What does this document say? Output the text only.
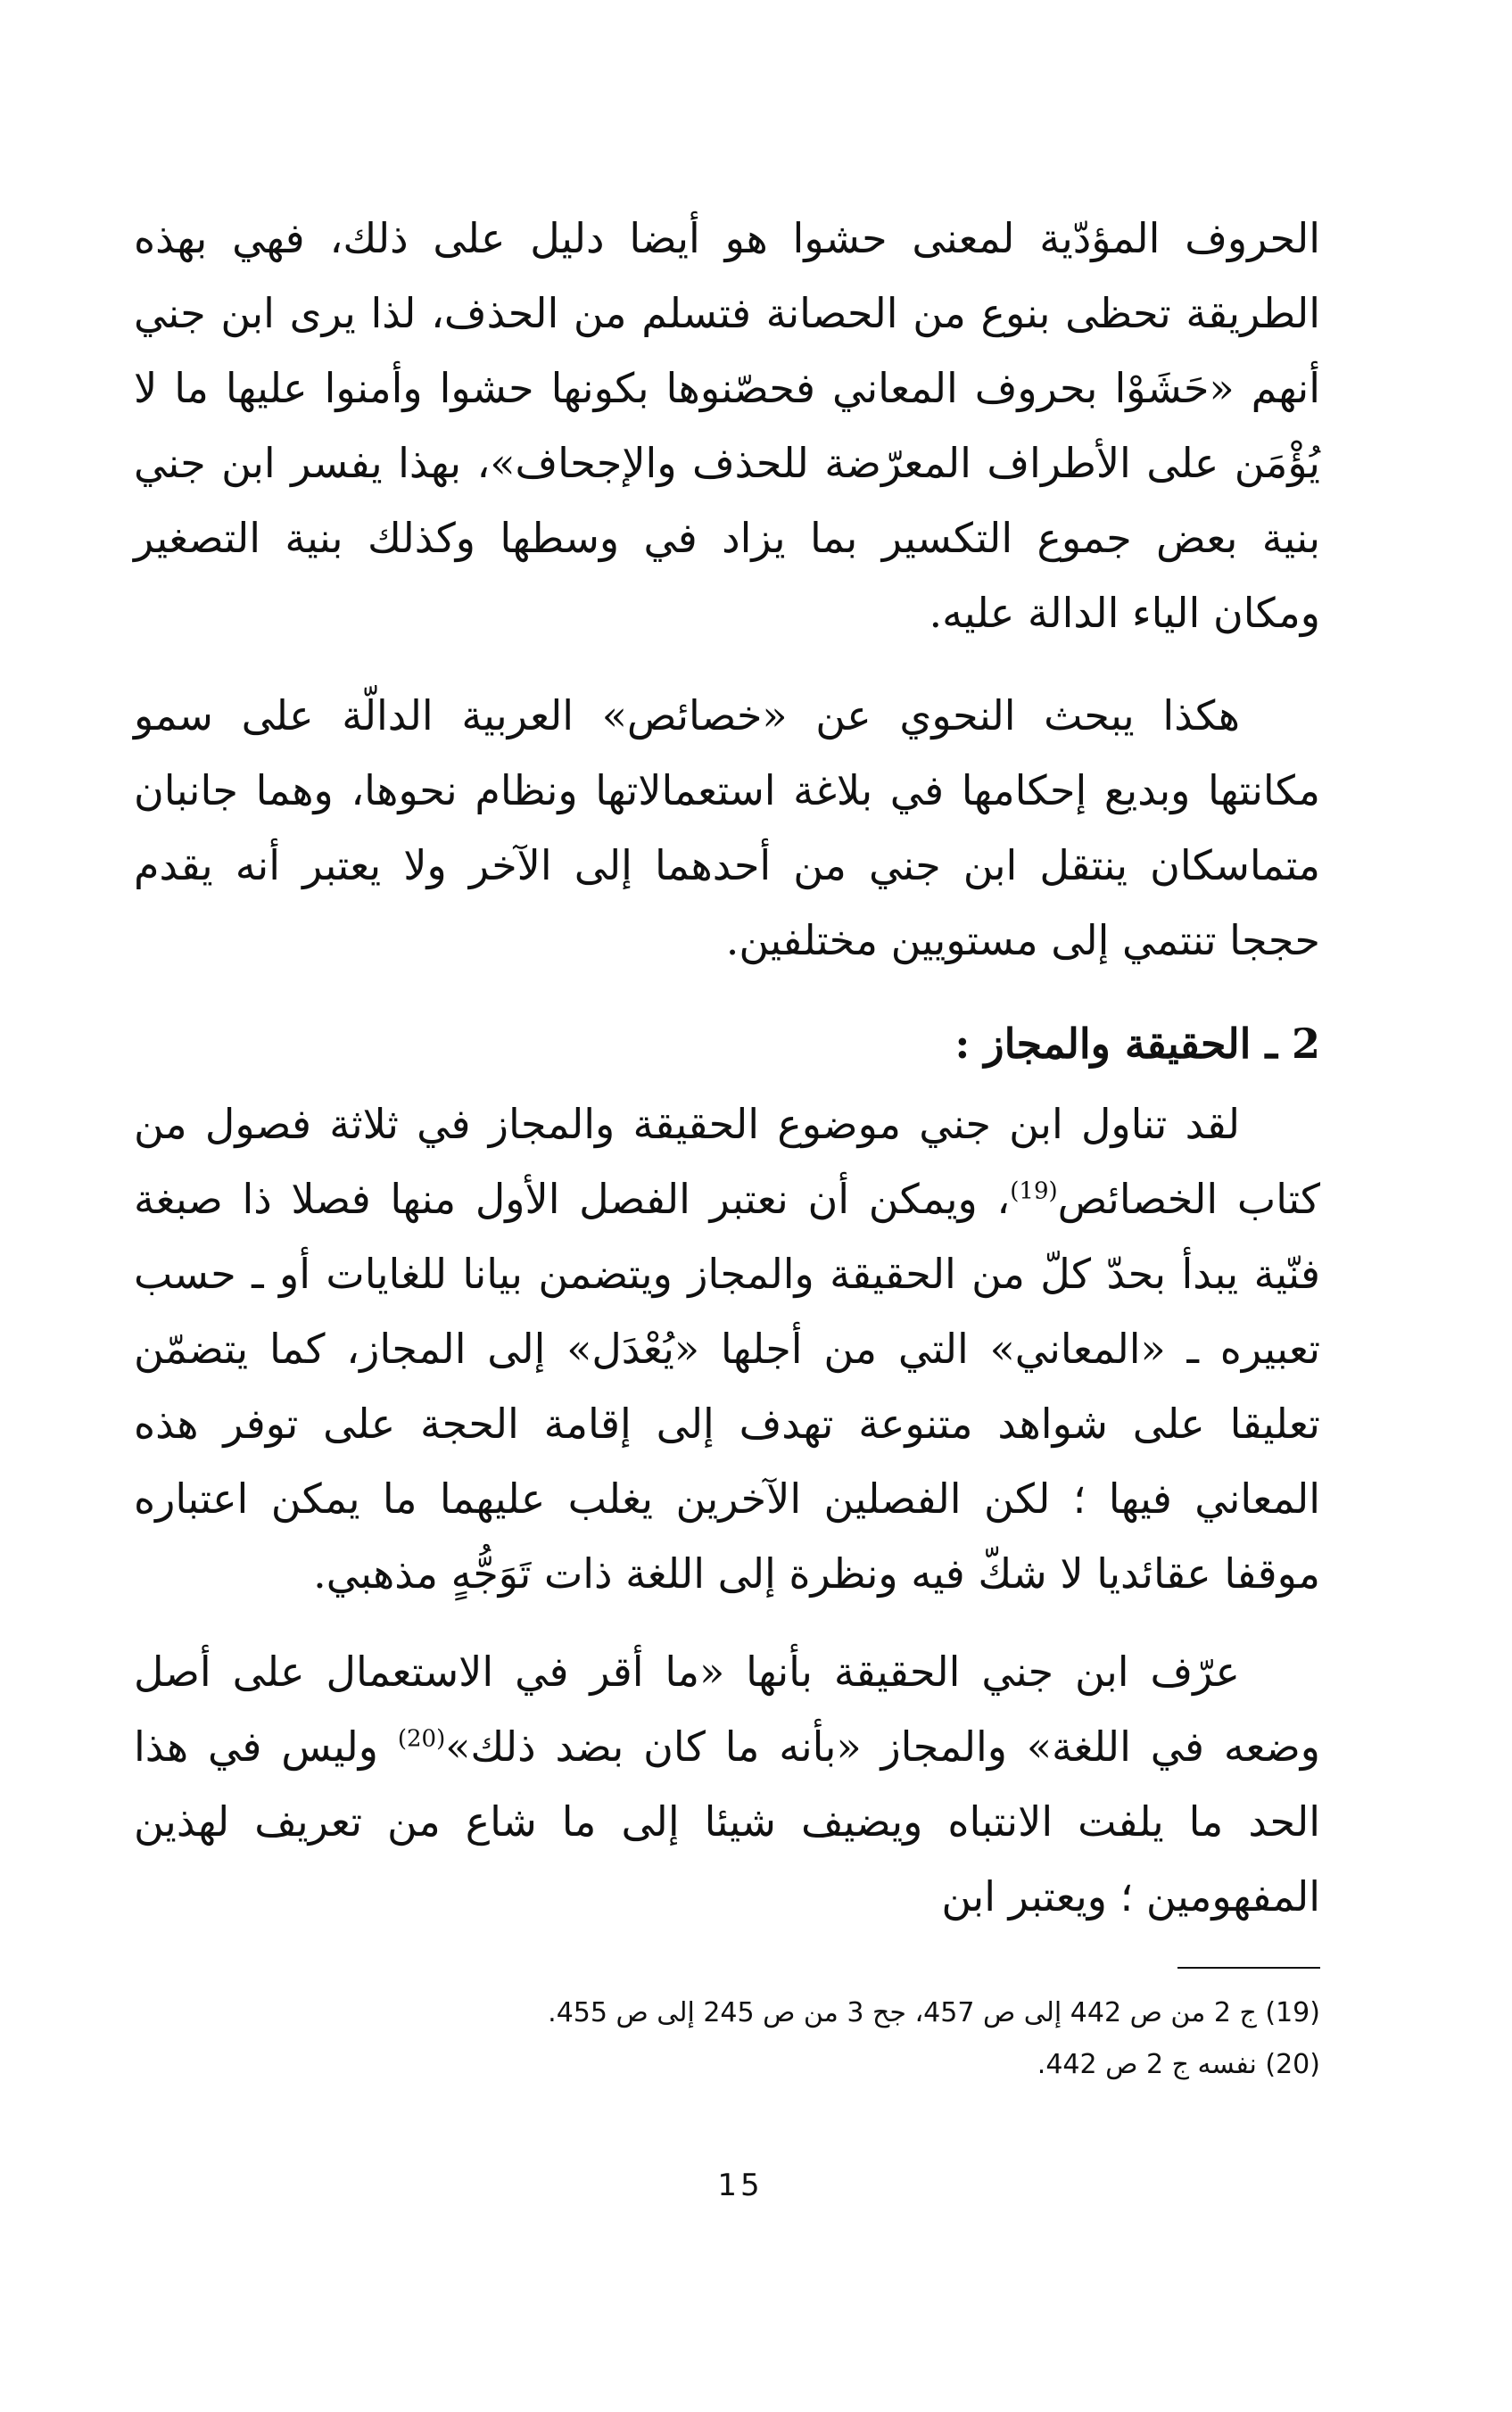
الحروف المؤدّية لمعنى حشوا هو أيضا دليل على ذلك، فهي بهذه الطريقة تحظى بنوع من الحصانة فتسلم من الحذف، لذا يرى ابن جني أنهم «حَشَوْا بحروف المعاني فحصّنوها بكونها حشوا وأمنوا عليها ما لا يُؤْمَن على الأطراف المعرّضة للحذف والإجحاف»، بهذا يفسر ابن جني بنية بعض جموع التكسير بما يزاد في وسطها وكذلك بنية التصغير ومكان الياء الدالة عليه.

هكذا يبحث النحوي عن «خصائص» العربية الدالّة على سمو مكانتها وبديع إحكامها في بلاغة استعمالاتها ونظام نحوها، وهما جانبان متماسكان ينتقل ابن جني من أحدهما إلى الآخر ولا يعتبر أنه يقدم حججا تنتمي إلى مستويين مختلفين.

2 ـ الحقيقة والمجاز :

لقد تناول ابن جني موضوع الحقيقة والمجاز في ثلاثة فصول من كتاب الخصائص$^{(19)}$، ويمكن أن نعتبر الفصل الأول منها فصلا ذا صبغة فنّية يبدأ بحدّ كلّ من الحقيقة والمجاز ويتضمن بيانا للغايات أو ـ حسب تعبيره ـ «المعاني» التي من أجلها «يُعْدَل» إلى المجاز، كما يتضمّن تعليقا على شواهد متنوعة تهدف إلى إقامة الحجة على توفر هذه المعاني فيها ؛ لكن الفصلين الآخرين يغلب عليهما ما يمكن اعتباره موقفا عقائديا لا شكّ فيه ونظرة إلى اللغة ذات تَوَجُّهٍ مذهبي.

عرّف ابن جني الحقيقة بأنها «ما أقر في الاستعمال على أصل وضعه في اللغة» والمجاز «بأنه ما كان بضد ذلك»$^{(20)}$ وليس في هذا الحد ما يلفت الانتباه ويضيف شيئا إلى ما شاع من تعريف لهذين المفهومين ؛ ويعتبر ابن

(19) ج 2 من ص 442 إلى ص 457، جح 3 من ص 245 إلى ص 455.

(20) نفسه ج 2 ص 442.

15
